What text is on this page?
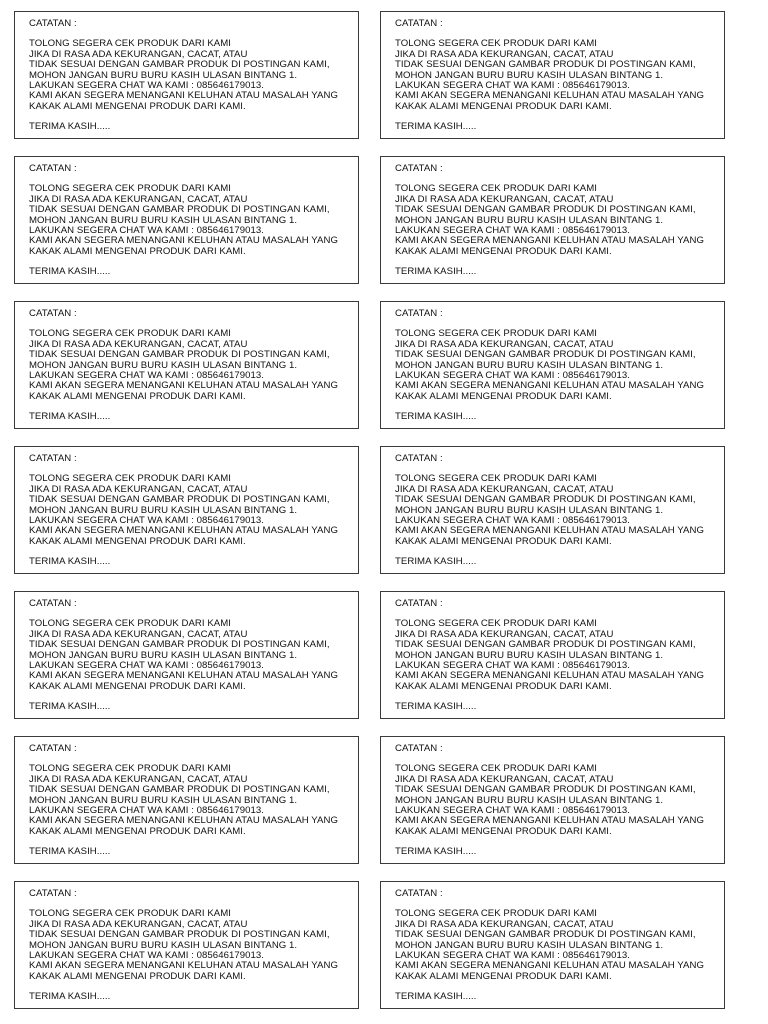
CATATAN :
TOLONG SEGERA CEK PRODUK DARI KAMI
JIKA DI RASA ADA KEKURANGAN, CACAT, ATAU
TIDAK SESUAI DENGAN GAMBAR PRODUK DI POSTINGAN KAMI,
MOHON JANGAN BURU BURU KASIH ULASAN BINTANG 1.
LAKUKAN SEGERA CHAT WA KAMI : 085646179013.
KAMI AKAN SEGERA MENANGANI KELUHAN ATAU MASALAH YANG
KAKAK ALAMI MENGENAI PRODUK DARI KAMI.
TERIMA KASIH.....
CATATAN :
TOLONG SEGERA CEK PRODUK DARI KAMI
JIKA DI RASA ADA KEKURANGAN, CACAT, ATAU
TIDAK SESUAI DENGAN GAMBAR PRODUK DI POSTINGAN KAMI,
MOHON JANGAN BURU BURU KASIH ULASAN BINTANG 1.
LAKUKAN SEGERA CHAT WA KAMI : 085646179013.
KAMI AKAN SEGERA MENANGANI KELUHAN ATAU MASALAH YANG
KAKAK ALAMI MENGENAI PRODUK DARI KAMI.
TERIMA KASIH.....
CATATAN :
TOLONG SEGERA CEK PRODUK DARI KAMI
JIKA DI RASA ADA KEKURANGAN, CACAT, ATAU
TIDAK SESUAI DENGAN GAMBAR PRODUK DI POSTINGAN KAMI,
MOHON JANGAN BURU BURU KASIH ULASAN BINTANG 1.
LAKUKAN SEGERA CHAT WA KAMI : 085646179013.
KAMI AKAN SEGERA MENANGANI KELUHAN ATAU MASALAH YANG
KAKAK ALAMI MENGENAI PRODUK DARI KAMI.
TERIMA KASIH.....
CATATAN :
TOLONG SEGERA CEK PRODUK DARI KAMI
JIKA DI RASA ADA KEKURANGAN, CACAT, ATAU
TIDAK SESUAI DENGAN GAMBAR PRODUK DI POSTINGAN KAMI,
MOHON JANGAN BURU BURU KASIH ULASAN BINTANG 1.
LAKUKAN SEGERA CHAT WA KAMI : 085646179013.
KAMI AKAN SEGERA MENANGANI KELUHAN ATAU MASALAH YANG
KAKAK ALAMI MENGENAI PRODUK DARI KAMI.
TERIMA KASIH.....
CATATAN :
TOLONG SEGERA CEK PRODUK DARI KAMI
JIKA DI RASA ADA KEKURANGAN, CACAT, ATAU
TIDAK SESUAI DENGAN GAMBAR PRODUK DI POSTINGAN KAMI,
MOHON JANGAN BURU BURU KASIH ULASAN BINTANG 1.
LAKUKAN SEGERA CHAT WA KAMI : 085646179013.
KAMI AKAN SEGERA MENANGANI KELUHAN ATAU MASALAH YANG
KAKAK ALAMI MENGENAI PRODUK DARI KAMI.
TERIMA KASIH.....
CATATAN :
TOLONG SEGERA CEK PRODUK DARI KAMI
JIKA DI RASA ADA KEKURANGAN, CACAT, ATAU
TIDAK SESUAI DENGAN GAMBAR PRODUK DI POSTINGAN KAMI,
MOHON JANGAN BURU BURU KASIH ULASAN BINTANG 1.
LAKUKAN SEGERA CHAT WA KAMI : 085646179013.
KAMI AKAN SEGERA MENANGANI KELUHAN ATAU MASALAH YANG
KAKAK ALAMI MENGENAI PRODUK DARI KAMI.
TERIMA KASIH.....
CATATAN :
TOLONG SEGERA CEK PRODUK DARI KAMI
JIKA DI RASA ADA KEKURANGAN, CACAT, ATAU
TIDAK SESUAI DENGAN GAMBAR PRODUK DI POSTINGAN KAMI,
MOHON JANGAN BURU BURU KASIH ULASAN BINTANG 1.
LAKUKAN SEGERA CHAT WA KAMI : 085646179013.
KAMI AKAN SEGERA MENANGANI KELUHAN ATAU MASALAH YANG
KAKAK ALAMI MENGENAI PRODUK DARI KAMI.
TERIMA KASIH.....
CATATAN :
TOLONG SEGERA CEK PRODUK DARI KAMI
JIKA DI RASA ADA KEKURANGAN, CACAT, ATAU
TIDAK SESUAI DENGAN GAMBAR PRODUK DI POSTINGAN KAMI,
MOHON JANGAN BURU BURU KASIH ULASAN BINTANG 1.
LAKUKAN SEGERA CHAT WA KAMI : 085646179013.
KAMI AKAN SEGERA MENANGANI KELUHAN ATAU MASALAH YANG
KAKAK ALAMI MENGENAI PRODUK DARI KAMI.
TERIMA KASIH.....
CATATAN :
TOLONG SEGERA CEK PRODUK DARI KAMI
JIKA DI RASA ADA KEKURANGAN, CACAT, ATAU
TIDAK SESUAI DENGAN GAMBAR PRODUK DI POSTINGAN KAMI,
MOHON JANGAN BURU BURU KASIH ULASAN BINTANG 1.
LAKUKAN SEGERA CHAT WA KAMI : 085646179013.
KAMI AKAN SEGERA MENANGANI KELUHAN ATAU MASALAH YANG
KAKAK ALAMI MENGENAI PRODUK DARI KAMI.
TERIMA KASIH.....
CATATAN :
TOLONG SEGERA CEK PRODUK DARI KAMI
JIKA DI RASA ADA KEKURANGAN, CACAT, ATAU
TIDAK SESUAI DENGAN GAMBAR PRODUK DI POSTINGAN KAMI,
MOHON JANGAN BURU BURU KASIH ULASAN BINTANG 1.
LAKUKAN SEGERA CHAT WA KAMI : 085646179013.
KAMI AKAN SEGERA MENANGANI KELUHAN ATAU MASALAH YANG
KAKAK ALAMI MENGENAI PRODUK DARI KAMI.
TERIMA KASIH.....
CATATAN :
TOLONG SEGERA CEK PRODUK DARI KAMI
JIKA DI RASA ADA KEKURANGAN, CACAT, ATAU
TIDAK SESUAI DENGAN GAMBAR PRODUK DI POSTINGAN KAMI,
MOHON JANGAN BURU BURU KASIH ULASAN BINTANG 1.
LAKUKAN SEGERA CHAT WA KAMI : 085646179013.
KAMI AKAN SEGERA MENANGANI KELUHAN ATAU MASALAH YANG
KAKAK ALAMI MENGENAI PRODUK DARI KAMI.
TERIMA KASIH.....
CATATAN :
TOLONG SEGERA CEK PRODUK DARI KAMI
JIKA DI RASA ADA KEKURANGAN, CACAT, ATAU
TIDAK SESUAI DENGAN GAMBAR PRODUK DI POSTINGAN KAMI,
MOHON JANGAN BURU BURU KASIH ULASAN BINTANG 1.
LAKUKAN SEGERA CHAT WA KAMI : 085646179013.
KAMI AKAN SEGERA MENANGANI KELUHAN ATAU MASALAH YANG
KAKAK ALAMI MENGENAI PRODUK DARI KAMI.
TERIMA KASIH.....
CATATAN :
TOLONG SEGERA CEK PRODUK DARI KAMI
JIKA DI RASA ADA KEKURANGAN, CACAT, ATAU
TIDAK SESUAI DENGAN GAMBAR PRODUK DI POSTINGAN KAMI,
MOHON JANGAN BURU BURU KASIH ULASAN BINTANG 1.
LAKUKAN SEGERA CHAT WA KAMI : 085646179013.
KAMI AKAN SEGERA MENANGANI KELUHAN ATAU MASALAH YANG
KAKAK ALAMI MENGENAI PRODUK DARI KAMI.
TERIMA KASIH.....
CATATAN :
TOLONG SEGERA CEK PRODUK DARI KAMI
JIKA DI RASA ADA KEKURANGAN, CACAT, ATAU
TIDAK SESUAI DENGAN GAMBAR PRODUK DI POSTINGAN KAMI,
MOHON JANGAN BURU BURU KASIH ULASAN BINTANG 1.
LAKUKAN SEGERA CHAT WA KAMI : 085646179013.
KAMI AKAN SEGERA MENANGANI KELUHAN ATAU MASALAH YANG
KAKAK ALAMI MENGENAI PRODUK DARI KAMI.
TERIMA KASIH.....
